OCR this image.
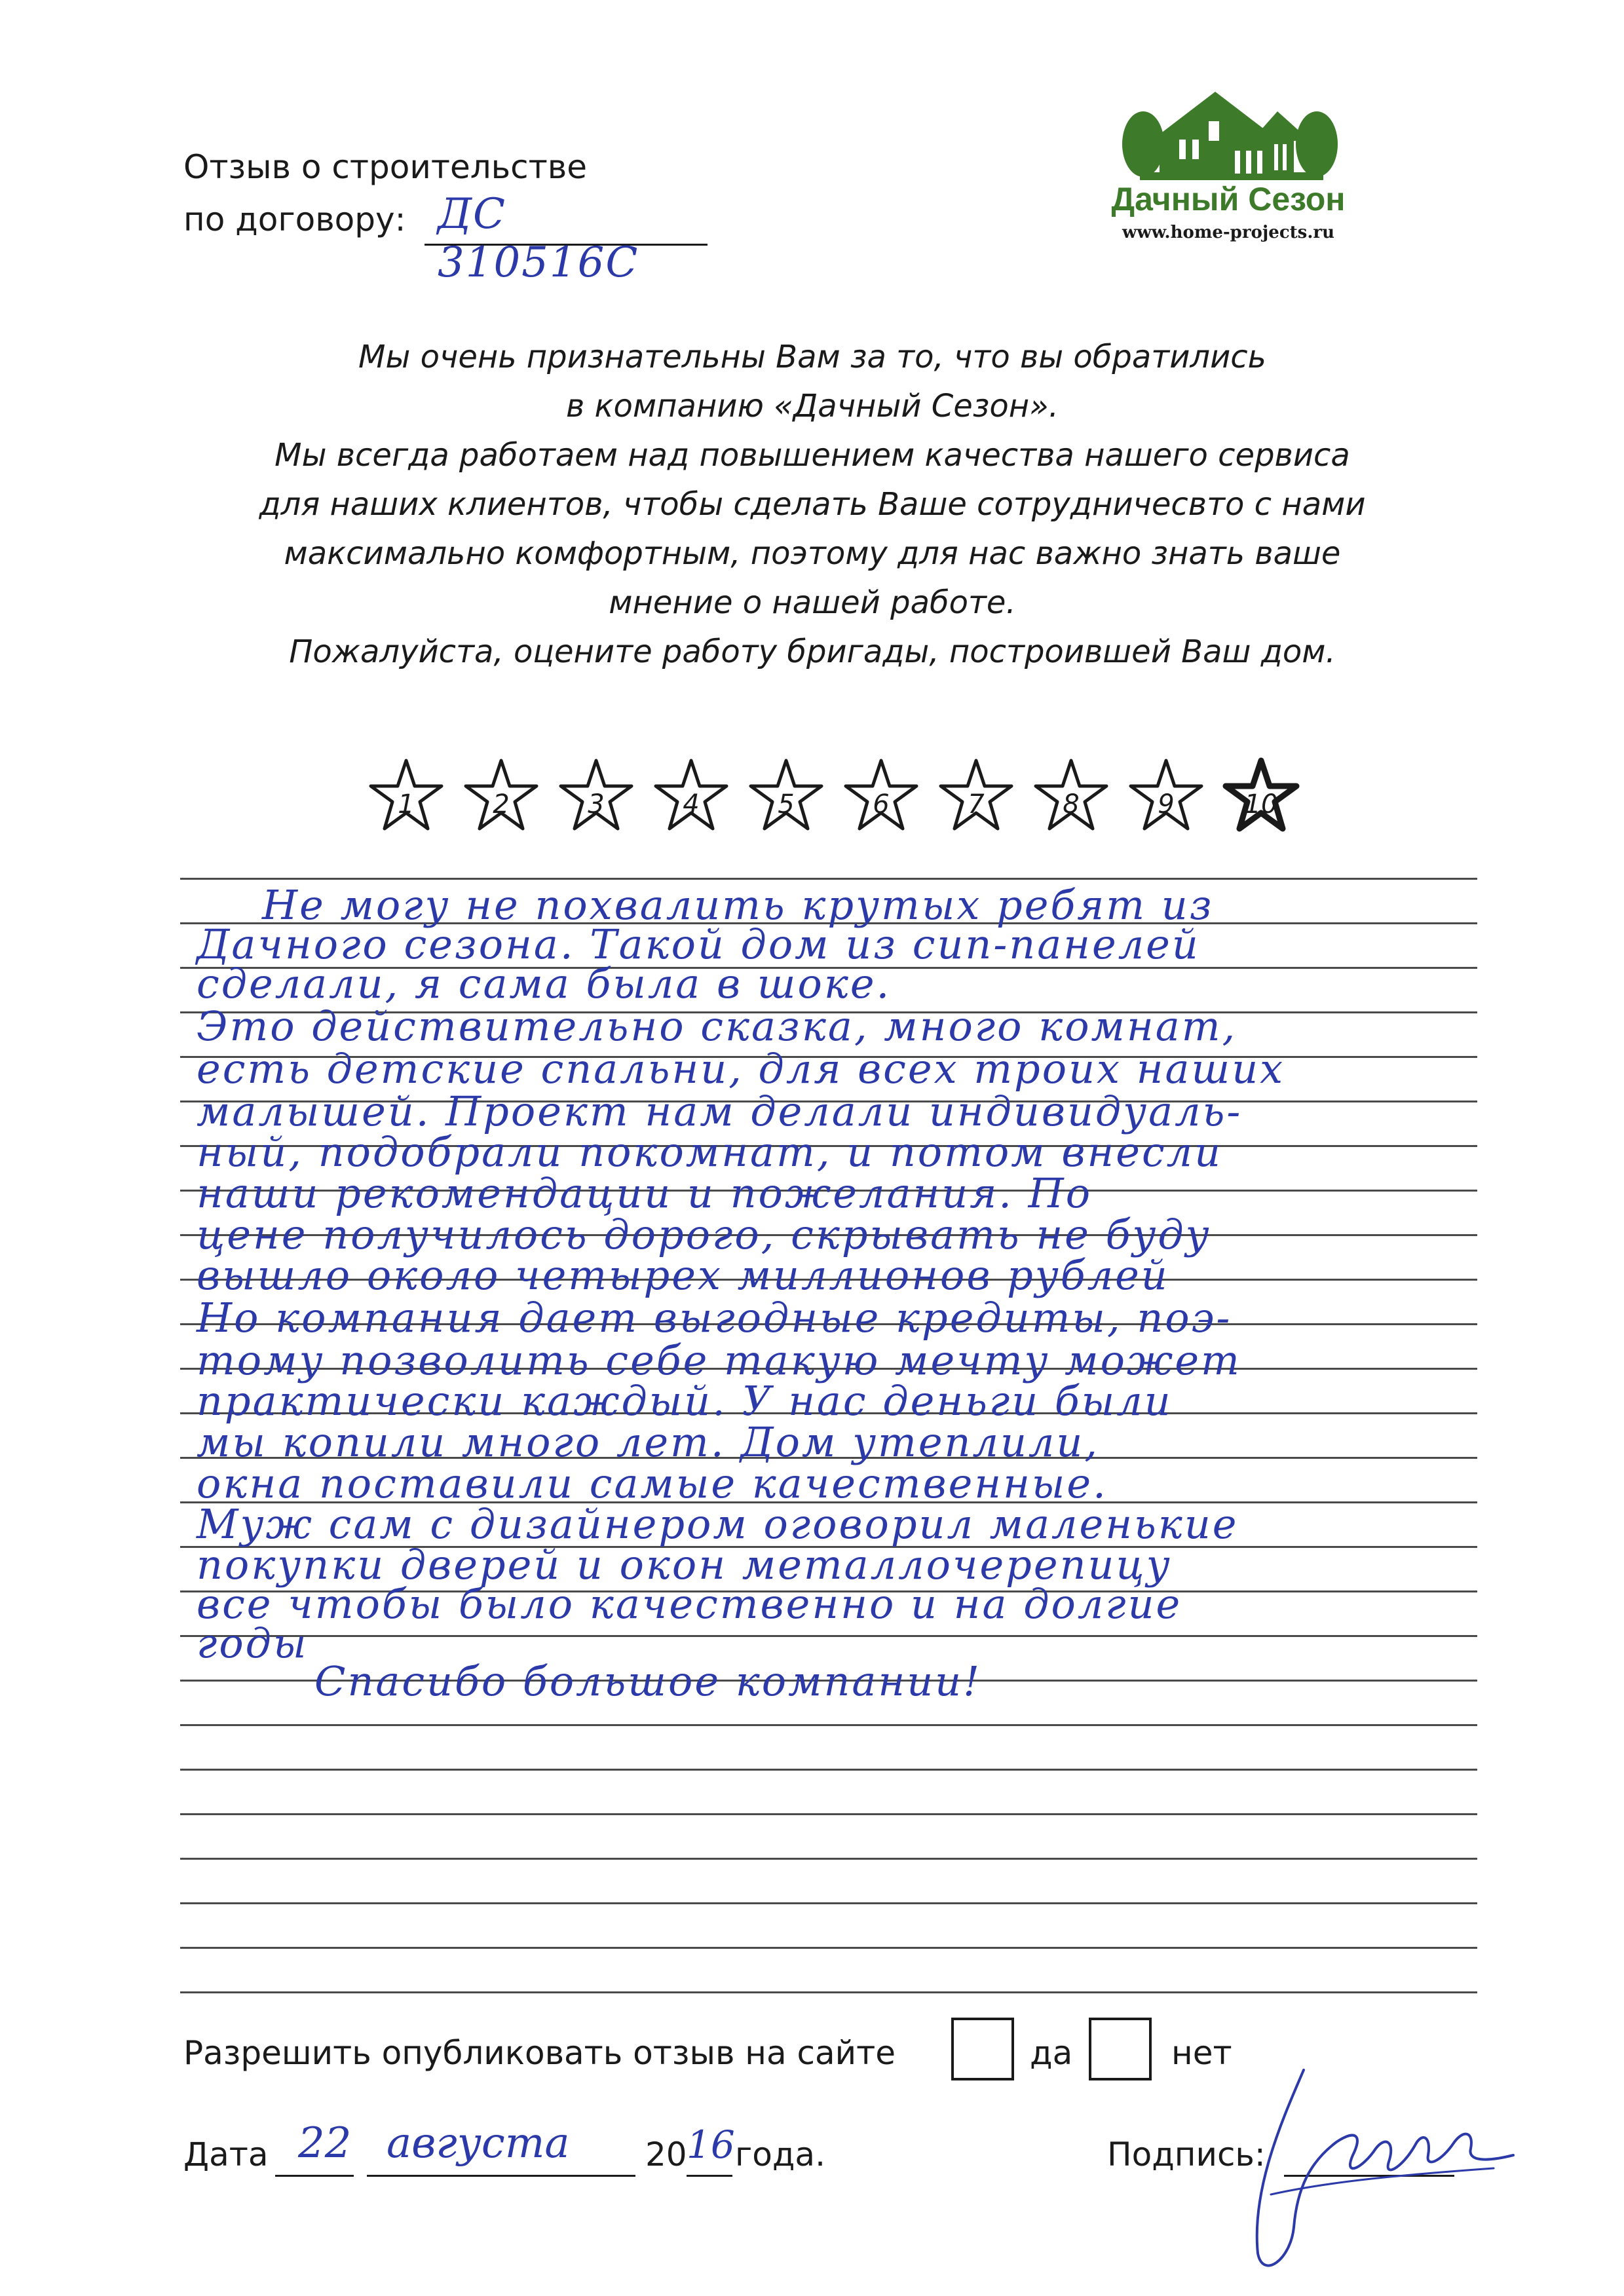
Отзыв о строительстве
по договору: ДС 310516С
Дачный Сезон
www.home-projects.ru
Мы очень признательны Вам за то, что вы обратились
в компанию «Дачный Сезон».
Мы всегда работаем над повышением качества нашего сервиса
для наших клиентов, чтобы сделать Ваше сотрудничесвто с нами
максимально комфортным, поэтому для нас важно знать ваше
мнение о нашей работе.
Пожалуйста, оцените работу бригады, построившей Ваш дом.
1	2	3	4	5	6	7	8	9	10
Не могу не похвалить крутых ребят из
Дачного сезона. Такой дом из сип-панелей
сделали, я сама была в шоке.
Это действительно сказка, много комнат,
есть детские спальни, для всех троих наших
малышей. Проект нам делали индивидуаль-
ный, подобрали покомнат, и потом внесли
наши рекомендации и пожелания. По
цене получилось дорого, скрывать не буду
вышло около четырех миллионов рублей
Но компания дает выгодные кредиты, поэ-
тому позволить себе такую мечту может
практически каждый. У нас деньги были
мы копили много лет. Дом утеплили,
окна поставили самые качественные.
Муж сам с дизайнером оговорил маленькие
покупки дверей и окон металлочерепицу
все чтобы было качественно и на долгие
годы
Спасибо большое компании!
Разрешить опубликовать отзыв на сайте	да	нет
Дата 22 августа 20 16 года.	Подпись:
